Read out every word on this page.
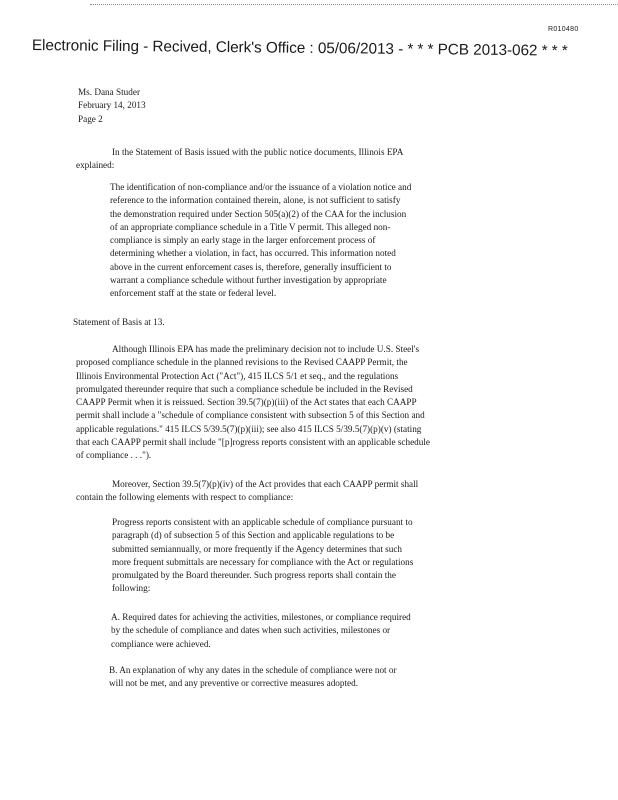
R010480
Electronic Filing - Recived, Clerk's Office : 05/06/2013 - * * * PCB 2013-062 * * *
Ms. Dana Studer
February 14, 2013
Page 2
In the Statement of Basis issued with the public notice documents, Illinois EPA
explained:
The identification of non-compliance and/or the issuance of a violation notice and
reference to the information contained therein, alone, is not sufficient to satisfy
the demonstration required under Section 505(a)(2) of the CAA for the inclusion
of an appropriate compliance schedule in a Title V permit. This alleged non-
compliance is simply an early stage in the larger enforcement process of
determining whether a violation, in fact, has occurred. This information noted
above in the current enforcement cases is, therefore, generally insufficient to
warrant a compliance schedule without further investigation by appropriate
enforcement staff at the state or federal level.
Statement of Basis at 13.
Although Illinois EPA has made the preliminary decision not to include U.S. Steel's
proposed compliance schedule in the planned revisions to the Revised CAAPP Permit, the
Illinois Environmental Protection Act ("Act"), 415 ILCS 5/1 et seq., and the regulations
promulgated thereunder require that such a compliance schedule be included in the Revised
CAAPP Permit when it is reissued. Section 39.5(7)(p)(iii) of the Act states that each CAAPP
permit shall include a "schedule of compliance consistent with subsection 5 of this Section and
applicable regulations." 415 ILCS 5/39.5(7)(p)(iii); see also 415 ILCS 5/39.5(7)(p)(v) (stating
that each CAAPP permit shall include "[p]rogress reports consistent with an applicable schedule
of compliance . . .").
Moreover, Section 39.5(7)(p)(iv) of the Act provides that each CAAPP permit shall
contain the following elements with respect to compliance:
Progress reports consistent with an applicable schedule of compliance pursuant to
paragraph (d) of subsection 5 of this Section and applicable regulations to be
submitted semiannually, or more frequently if the Agency determines that such
more frequent submittals are necessary for compliance with the Act or regulations
promulgated by the Board thereunder. Such progress reports shall contain the
following:
A. Required dates for achieving the activities, milestones, or compliance required
by the schedule of compliance and dates when such activities, milestones or
compliance were achieved.
B. An explanation of why any dates in the schedule of compliance were not or
will not be met, and any preventive or corrective measures adopted.
